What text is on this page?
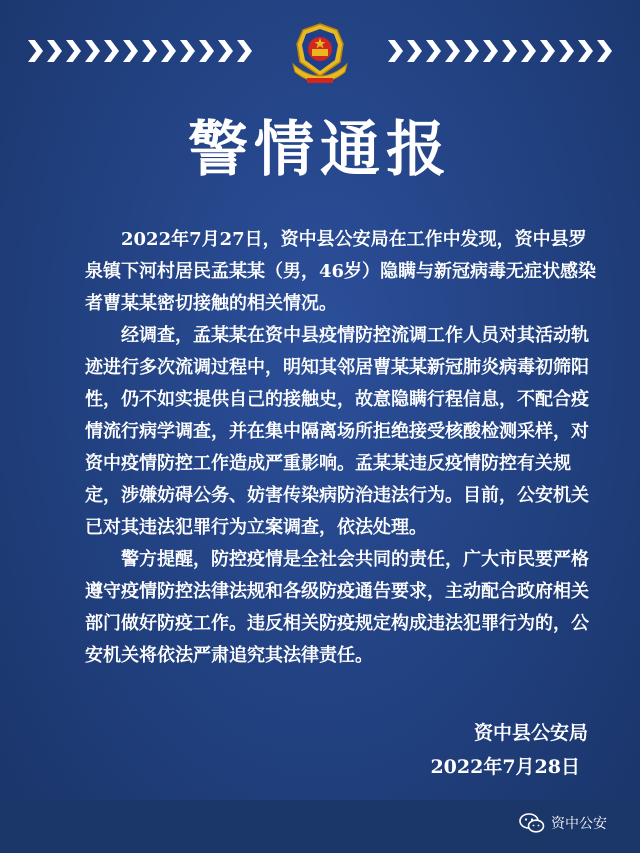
警情通报

2022年7月27日，资中县公安局在工作中发现，资中县罗泉镇下河村居民孟某某（男，46岁）隐瞒与新冠病毒无症状感染者曹某某密切接触的相关情况。

经调查，孟某某在资中县疫情防控流调工作人员对其活动轨迹进行多次流调过程中，明知其邻居曹某某新冠肺炎病毒初筛阳性，仍不如实提供自己的接触史，故意隐瞒行程信息，不配合疫情流行病学调查，并在集中隔离场所拒绝接受核酸检测采样，对资中疫情防控工作造成严重影响。孟某某违反疫情防控有关规定，涉嫌妨碍公务、妨害传染病防治违法行为。目前，公安机关已对其违法犯罪行为立案调查，依法处理。

警方提醒，防控疫情是全社会共同的责任，广大市民要严格遵守疫情防控法律法规和各级防疫通告要求，主动配合政府相关部门做好防疫工作。违反相关防疫规定构成违法犯罪行为的，公安机关将依法严肃追究其法律责任。

资中县公安局
2022年7月28日
资中公安
